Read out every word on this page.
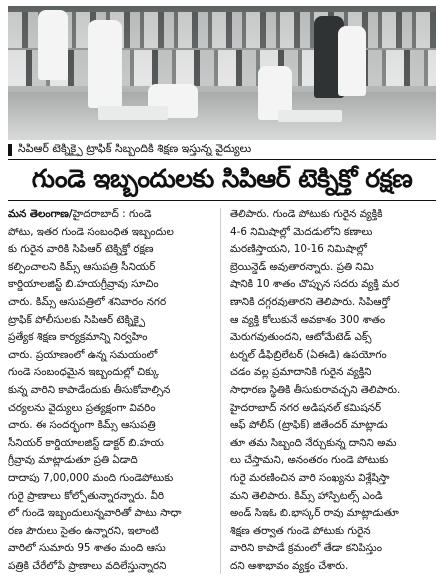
సిపిఆర్ టెక్నిక్పై ట్రాఫిక్ సిబ్బందికి శిక్షణ ఇస్తున్న వైద్యులు
గుండె ఇబ్బందులకు సిపిఆర్ టెక్నిక్తో రక్షణ
మన తెలంగాణ/హైదరాబాద్ : గుండె
పోటు, ఇతర గుండె సంబంధిత ఇబ్బందుల
కు గురైన వారికి సిపిఆర్ టెక్నిక్తో రక్షణ
కల్పించాలని కిమ్స్ ఆసుపత్రి సీనియర్
కార్డియాలజిస్ట్ బి.హయగ్రీవ్రావు సూచిం
చారు. కిమ్స్ ఆసుపత్రిలో శనివారం నగర
ట్రాఫిక్ పోలీసులకు సిపిఆర్ టెక్నిక్పై
ప్రత్యేక శిక్షణ కార్యక్రమాన్ని నిర్వహిం
చారు. ప్రయాణంలో ఉన్న సమయంలో
గుండె సంబంధమైన ఇబ్బందుల్లో చిక్కు
కున్న వారిని కాపాడేందుకు తీసుకోవాల్సిన
చర్యలను వైద్యులు ప్రత్యక్షంగా వివరిం
చారు. ఈ సందర్భంగా కిమ్స్ ఆసుపత్రి
సీనియర్ కార్డియాలజిస్ట్ డాక్టర్ బి.హయ
గ్రీవ్రావు మాట్లాడుతూ ప్రతి ఏడాది
దాదాపు 7,00,000 మంది గుండెపోటుకు
గురై ప్రాణాలు కోల్పోతున్నారన్నారు. వీరి
లో గుండె ఇబ్బందులున్నవారితో పాటు సాధా
రణ పౌరులు సైతం ఉన్నారని, ఇలాంటి
వారిలో సుమారు 95 శాతం మంది ఆసు
పత్రికి చేరేలోపే ప్రాణాలు వదిలేస్తున్నారని
తెలిపారు. గుండె పోటుకు గురైన వ్యక్తికి
4-6 నిమిషాల్లో మెదడులోని కణాలు
మరణిస్తాయని, 10-16 నిమిషాల్లో
బ్రెయిన్డెడ్ అవుతారన్నారు. ప్రతి నిమి
షానికి 10 శాతం చొప్పున సదరు వ్యక్తి మర
ణానికి దగ్గరవుతారని తెలిపారు. సిపిఆర్తో
ఆ వ్యక్తి కోలుకునే అవకాశం 300 శాతం
మెరుగవుతుందని, ఆటోమేటెడ్ ఎక్స్
టర్నల్ డీఫిబ్రిలేటర్ (ఏఈడి) ఉపయోగం
చడం వల్ల ప్రమాదానికి గురైన వ్యక్తిని
సాధారణ స్థితికి తీసుకురావచ్చని తెలిపారు.
హైదరాబాద్ నగర అడిషనల్ కమిషనర్
ఆఫ్ పోలీస్ (ట్రాఫిక్) జితేందర్ మాట్లాడు
తూ తమ సిబ్బంది నేర్చుకున్న దానిని అమ
లు చేస్తామని, అనంతరం గుండె పోటుకు
గురై మరణించిన వారి సంఖ్యను విశ్లేషిస్తా
మని తెలిపారు. కిమ్స్ హాస్పిటల్స్ ఎండి
అండ్ సిఇఓ బి.భాస్కర్ రావు మాట్లాడుతూ
శిక్షణ తర్వాత గుండె పోటుకు గురైన
వారిని కాపాడే క్రమంలో తేడా కనిపిస్తుం
దని ఆశాభావం వ్యక్తం చేశారు.
